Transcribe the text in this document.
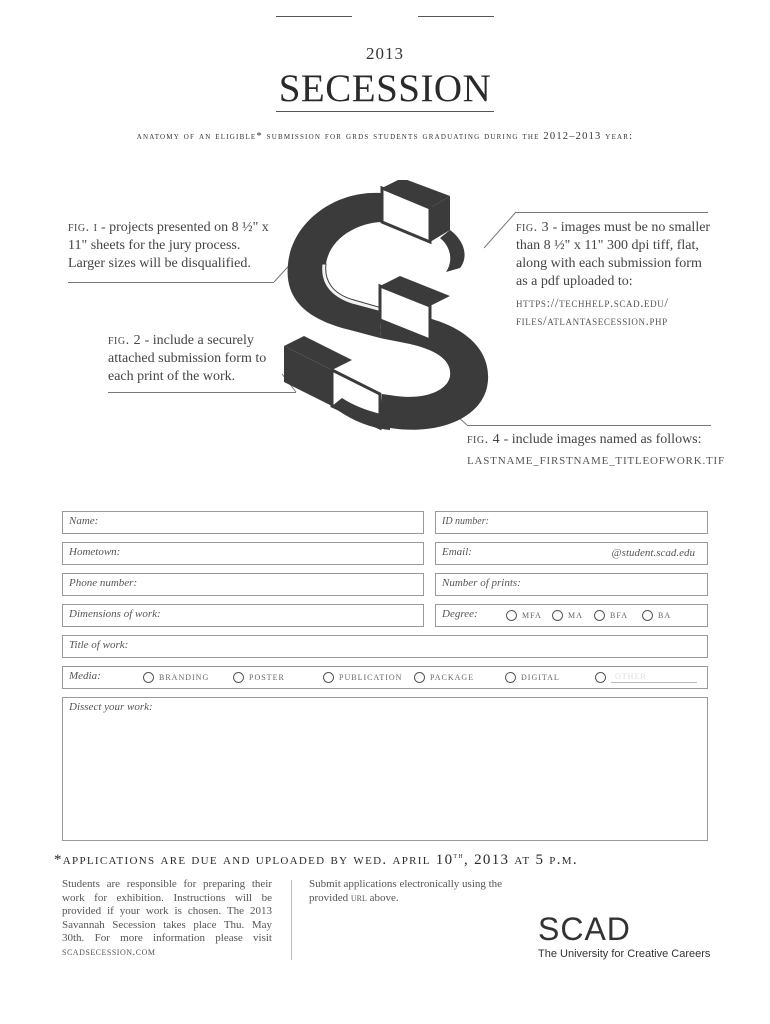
2013
SECESSION
anatomy of an eligible* submission for grds students graduating during the 2012–2013 year:
fig. i - projects presented on 8 ½" x 11" sheets for the jury process. Larger sizes will be disqualified.
fig. 2 - include a securely attached submission form to each print of the work.
fig. 3 - images must be no smaller than 8 ½" x 11" 300 dpi tiff, flat, along with each submission form as a pdf uploaded to:
https://techhelp.scad.edu/ files/atlantasecession.php
fig. 4 - include images named as follows:
LASTNAME_FIRSTNAME_TITLEOFWORK.TIF
Name:	ID number:
Hometown:	Email:	@student.scad.edu
Phone number:	Number of prints:
Dimensions of work:	Degree:	MFA	MA	BFA	BA
Title of work:
Media:	BRANDING	POSTER	PUBLICATION	PACKAGE	DIGITAL	OTHER
Dissect your work:
*applications are due and uploaded by wed. april 10th, 2013 at 5 p.m.
Students are responsible for preparing their work for exhibition. Instructions will be provided if your work is chosen. The 2013 Savannah Secession takes place Thu. May 30th. For more information please visit scadsecession.com
Submit applications electronically using the provided url above.
SCAD
The University for Creative Careers
